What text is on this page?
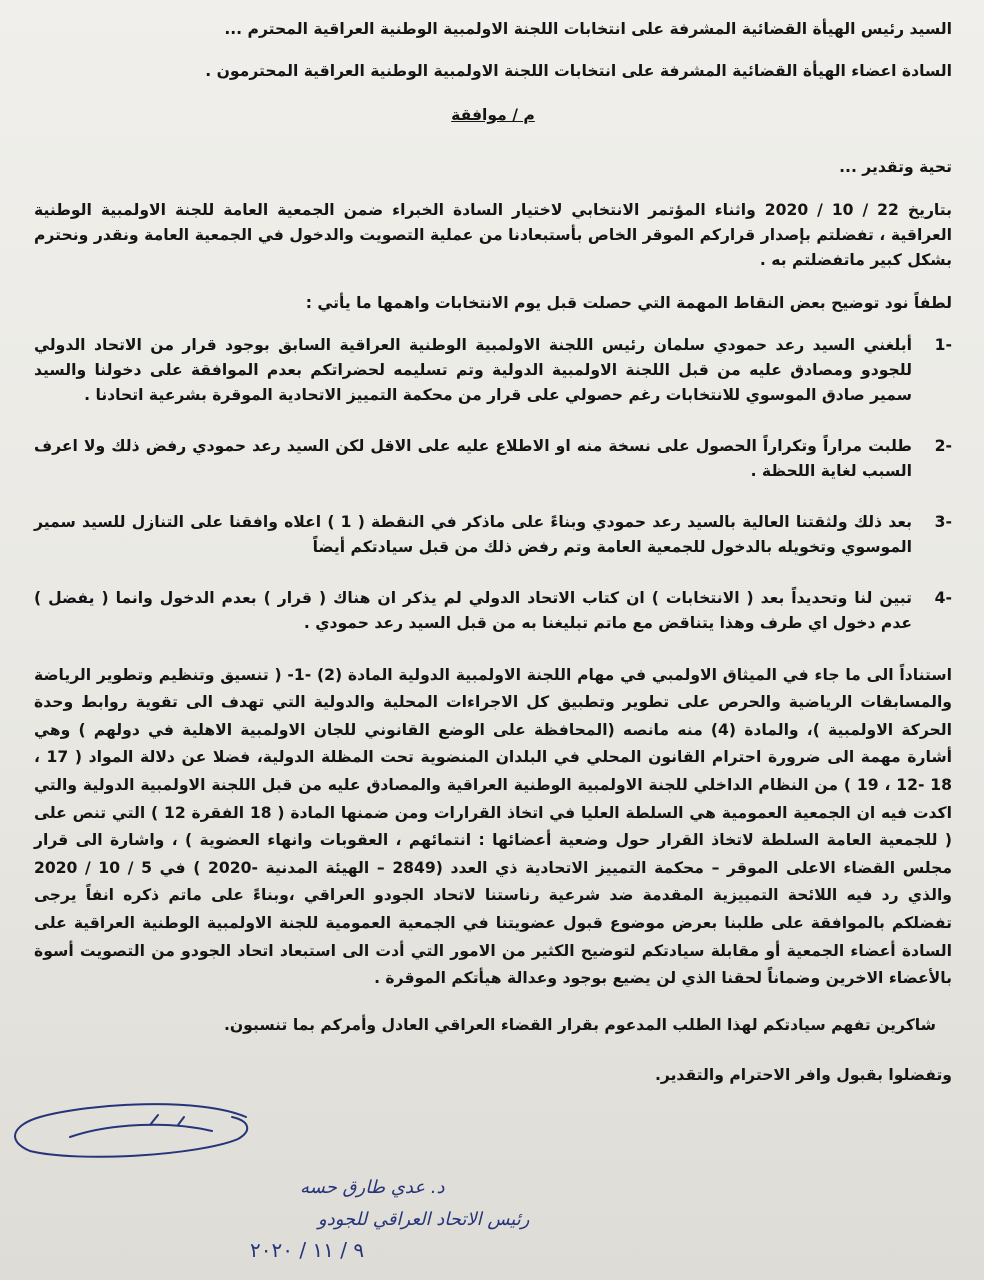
السيد رئيس الهيأة القضائية المشرفة على انتخابات اللجنة الاولمبية الوطنية العراقية المحترم ...

السادة اعضاء الهيأة القضائية المشرفة على انتخابات اللجنة الاولمبية الوطنية العراقية المحترمون .

م / موافقة

تحية وتقدير ...

بتاريخ 22 / 10 / 2020 واثناء المؤتمر الانتخابي لاختيار السادة الخبراء ضمن الجمعية العامة للجنة الاولمبية الوطنية العراقية ، تفضلتم بإصدار قراركم الموقر الخاص بأستبعادنا من عملية التصويت والدخول في الجمعية العامة ونقدر ونحترم بشكل كبير ماتفضلتم به .

لطفاً نود توضيح بعض النقاط المهمة التي حصلت قبل يوم الانتخابات واهمها ما يأتي :

-1
أبلغني السيد رعد حمودي سلمان رئيس اللجنة الاولمبية الوطنية العراقية السابق بوجود قرار من الاتحاد الدولي للجودو ومصادق عليه من قبل اللجنة الاولمبية الدولية وتم تسليمه لحضراتكم بعدم الموافقة على دخولنا والسيد سمير صادق الموسوي للانتخابات رغم حصولي على قرار من محكمة التمييز الاتحادية الموقرة بشرعية اتحادنا .
-2
طلبت مراراً وتكراراً الحصول على نسخة منه او الاطلاع عليه على الاقل لكن السيد رعد حمودي رفض ذلك ولا اعرف السبب لغاية اللحظة .
-3
بعد ذلك ولثقتنا العالية بالسيد رعد حمودي وبناءً على ماذكر في النقطة ( 1 ) اعلاه وافقنا على التنازل للسيد سمير الموسوي وتخويله بالدخول للجمعية العامة وتم رفض ذلك من قبل سيادتكم أيضاً
-4
تبين لنا وتحديداً بعد ( الانتخابات ) ان كتاب الاتحاد الدولي لم يذكر ان هناك ( قرار ) بعدم الدخول وانما ( يفضل ) عدم دخول اي طرف وهذا يتناقض مع ماتم تبليغنا به من قبل السيد رعد حمودي .

استناداً الى ما جاء في الميثاق الاولمبي في مهام اللجنة الاولمبية الدولية المادة (2) -1- ( تنسيق وتنظيم وتطوير الرياضة والمسابقات الرياضية والحرص على تطوير وتطبيق كل الاجراءات المحلية والدولية التي تهدف الى تقوية روابط وحدة الحركة الاولمبية )، والمادة (4) منه مانصه (المحافظة على الوضع القانوني للجان الاولمبية الاهلية في دولهم ) وهي أشارة مهمة الى ضرورة احترام القانون المحلي في البلدان المنضوية تحت المظلة الدولية، فضلا عن دلالة المواد ( 17 ، 18 -12 ، 19 ) من النظام الداخلي للجنة الاولمبية الوطنية العراقية والمصادق عليه من قبل اللجنة الاولمبية الدولية والتي اكدت فيه ان الجمعية العمومية هي السلطة العليا في اتخاذ القرارات ومن ضمنها المادة ( 18 الفقرة 12 ) التي تنص على ( للجمعية العامة السلطة لاتخاذ القرار حول وضعية أعضائها : انتمائهم ، العقوبات وانهاء العضوية ) ، واشارة الى قرار مجلس القضاء الاعلى الموقر – محكمة التمييز الاتحادية ذي العدد (2849 – الهيئة المدنية -2020 ) في 5 / 10 / 2020 والذي رد فيه اللائحة التمييزية المقدمة ضد شرعية رناستنا لاتحاد الجودو العراقي ،وبناءً على ماتم ذكره انفاً يرجى تفضلكم بالموافقة على طلبنا بعرض موضوع قبول عضويتنا في الجمعية العمومية للجنة الاولمبية الوطنية العراقية على السادة أعضاء الجمعية أو مقابلة سيادتكم لتوضيح الكثير من الامور التي أدت الى استبعاد اتحاد الجودو من التصويت أسوة بالأعضاء الاخرين وضماناً لحقنا الذي لن يضيع بوجود وعدالة هيأتكم الموقرة .

شاكرين تفهم سيادتكم لهذا الطلب المدعوم بقرار القضاء العراقي العادل وأمركم بما تنسبون.

وتفضلوا بقبول وافر الاحترام والتقدير.

د. عدي طارق حسه
رئيس الاتحاد العراقي للجودو
٩ / ١١ / ٢٠٢٠
